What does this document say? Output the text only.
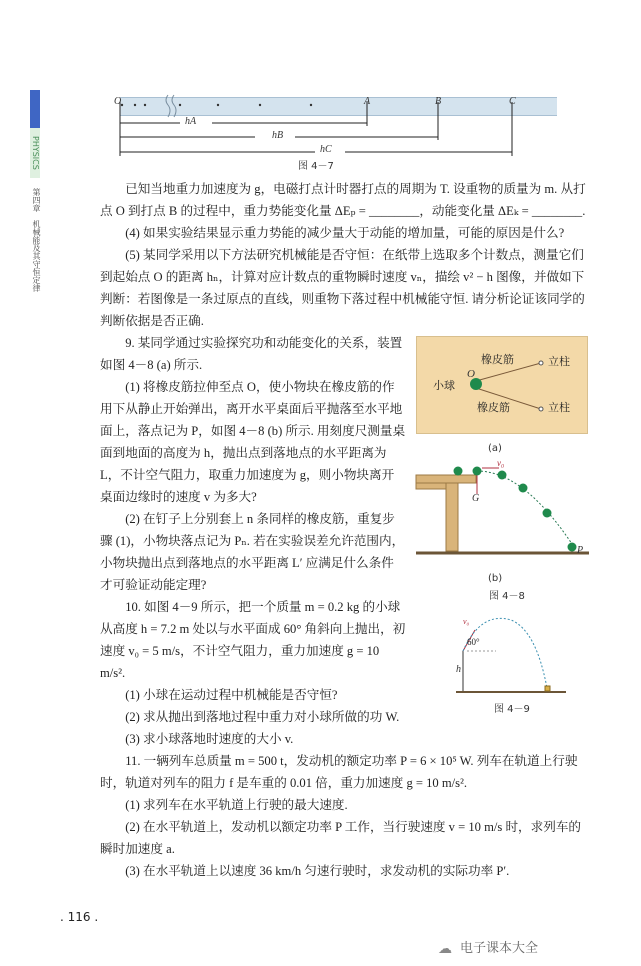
PHYSICS
第四章　机械能及其守恒定律
O	A	B	C
hA
hB
hC
图 4－7

已知当地重力加速度为 g，电磁打点计时器打点的周期为 T. 设重物的质量为 m. 从打点 O 到打点 B 的过程中，重力势能变化量 ΔEₚ = ________，动能变化量 ΔEₖ = ________.

(4) 如果实验结果显示重力势能的减少量大于动能的增加量，可能的原因是什么?

(5) 某同学采用以下方法研究机械能是否守恒：在纸带上选取多个计数点，测量它们到起始点 O 的距离 hₙ，计算对应计数点的重物瞬时速度 vₙ，描绘 v² − h 图像，并做如下判断：若图像是一条过原点的直线，则重物下落过程中机械能守恒. 请分析论证该同学的判断依据是否正确.

O
小球
橡皮筋
橡皮筋
立柱
立柱
(a)
v₀
G
P
(b)
图 4－8
v₀
60°
h
图 4－9

9. 某同学通过实验探究功和动能变化的关系，装置如图 4－8 (a) 所示.

(1) 将橡皮筋拉伸至点 O，使小物块在橡皮筋的作用下从静止开始弹出，离开水平桌面后平抛落至水平地面上，落点记为 P，如图 4－8 (b) 所示. 用刻度尺测量桌面到地面的高度为 h，抛出点到落地点的水平距离为 L，不计空气阻力，取重力加速度为 g，则小物块离开桌面边缘时的速度 v 为多大?

(2) 在钉子上分别套上 n 条同样的橡皮筋，重复步骤 (1)，小物块落点记为 Pₙ. 若在实验误差允许范围内，小物块抛出点到落地点的水平距离 L′ 应满足什么条件才可验证动能定理?

10. 如图 4－9 所示，把一个质量 m = 0.2 kg 的小球从高度 h = 7.2 m 处以与水平面成 60° 角斜向上抛出，初速度 v₀ = 5 m/s，不计空气阻力，重力加速度 g = 10 m/s².

(1) 小球在运动过程中机械能是否守恒?

(2) 求从抛出到落地过程中重力对小球所做的功 W.

(3) 求小球落地时速度的大小 v.

11. 一辆列车总质量 m = 500 t，发动机的额定功率 P = 6 × 10⁵ W. 列车在轨道上行驶时，轨道对列车的阻力 f 是车重的 0.01 倍，重力加速度 g = 10 m/s².

(1) 求列车在水平轨道上行驶的最大速度.

(2) 在水平轨道上，发动机以额定功率 P 工作，当行驶速度 v = 10 m/s 时，求列车的瞬时加速度 a.

(3) 在水平轨道上以速度 36 km/h 匀速行驶时，求发动机的实际功率 P′.

. 116 .
☁ 电子课本大全
